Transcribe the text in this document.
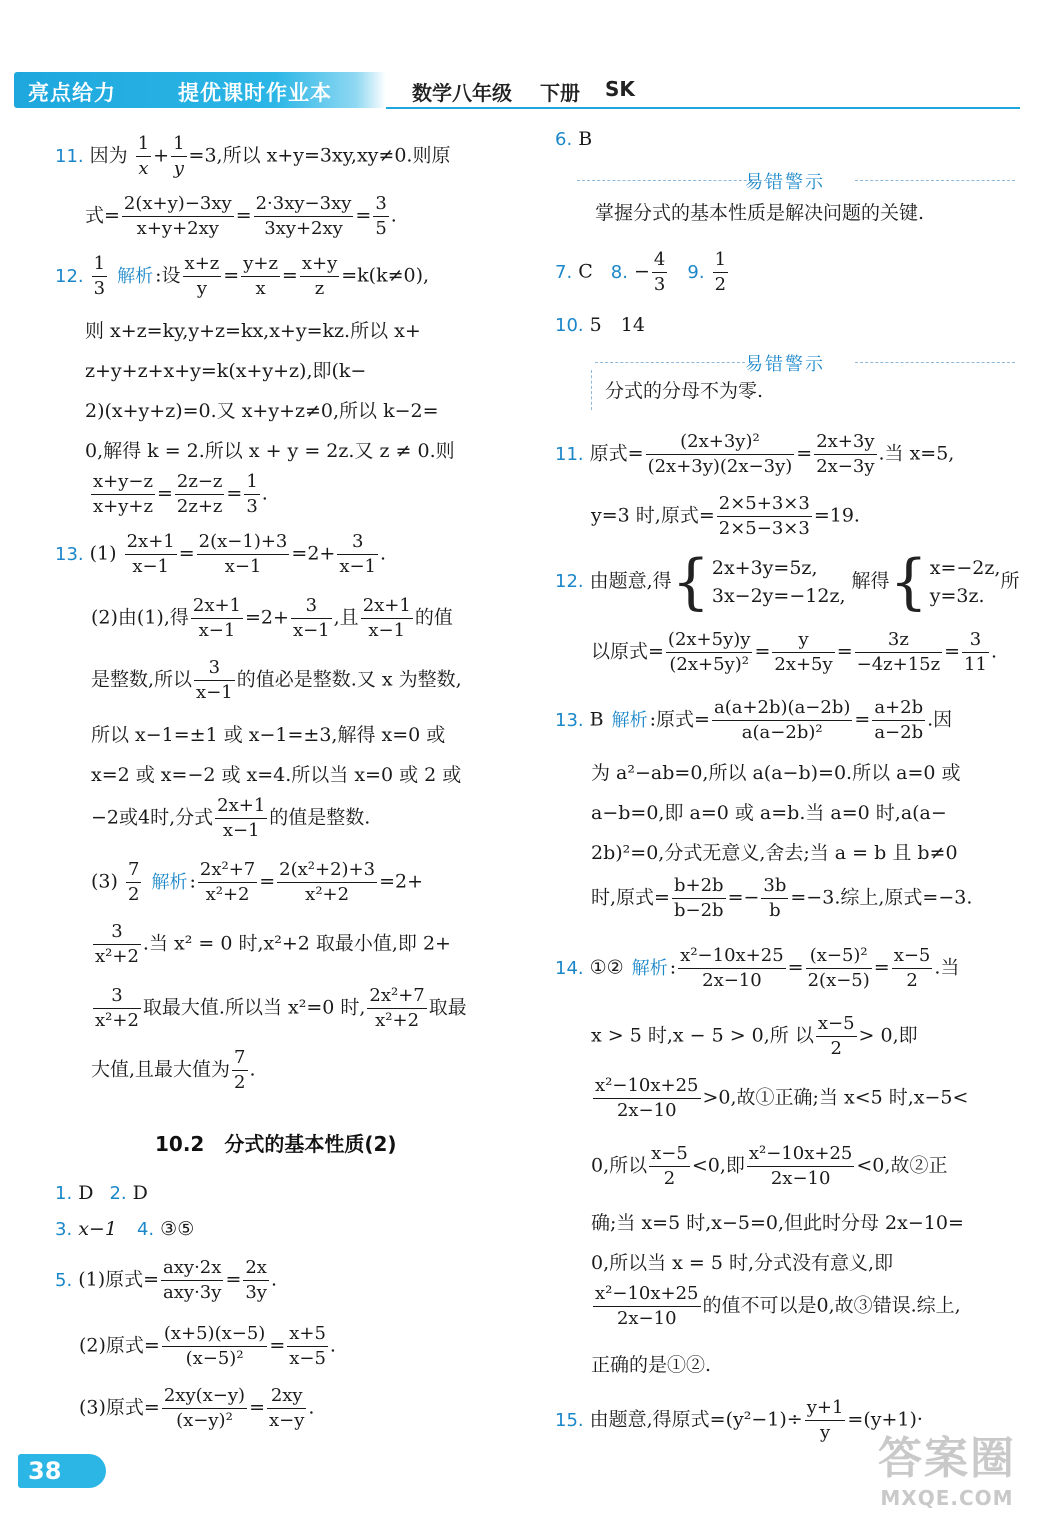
亮点给力	提优课时作业本	数学八年级 下册 SK
11. 因为 $\frac{1}{x} + \frac{1}{y} =3$,所以 x+y=3xy,xy≠0.则原
式= $\frac{2(x+y)-3xy}{x+y+2xy} = \frac{2\cdot 3xy-3xy}{3xy+2xy} = \frac{3}{5}$ .
12. $\frac{1}{3}$ 解析 :设 $\frac{x+z}{y} = \frac{y+z}{x} = \frac{x+y}{z} =k(k\ne 0)$,
则 x+z=ky,y+z=kx,x+y=kz.所以 x+
z+y+z+x+y=k(x+y+z),即(k−
2)(x+y+z)=0.又 x+y+z≠0,所以 k−2=
0,解得 k = 2.所以 x + y = 2z.又 z ≠ 0.则
$\frac{x+y-z}{x+y+z} = \frac{2z-z}{2z+z} = \frac{1}{3}$ .
13. $(1) \frac{2x+1}{x-1} = \frac{2(x-1)+3}{x-1} =2+ \frac{3}{x-1}$ .
(2)由(1),得 $\frac{2x+1}{x-1} =2+ \frac{3}{x-1}$ ,且 $\frac{2x+1}{x-1}$ 的值
是整数,所以 $\frac{3}{x-1}$ 的值必是整数.又 x 为整数,
所以 x−1=±1 或 x−1=±3,解得 x=0 或
x=2 或 x=−2 或 x=4.所以当 x=0 或 2 或
−2或4时,分式 $\frac{2x+1}{x-1}$ 的值是整数.
$(3) \frac{7}{2}$ 解析 : $\frac{\text{2x²+7}}{\text{x²+2}} = \frac{\text{2(x²+2)+3}}{\text{x²+2}} =2+$
$\frac{3}{\text{x²+2}}$ .当 x² = 0 时,x²+2 取最小值,即 2+
$\frac{3}{\text{x²+2}}$ 取最大值.所以当 x²=0 时, $\frac{\text{2x²+7}}{\text{x²+2}}$ 取最
大值,且最大值为 $\frac{7}{2}$ .
10.2　分式的基本性质(2)
1. D 2. D
3. x−1 4. ③⑤
5. (1)原式= $\frac{\text{axy·2x}}{\text{axy·3y}} = \frac{2x}{3y}$ .
(2)原式= $\frac{(x+5)(x-5)}{\text{(x−5)²}} = \frac{x+5}{x-5}$ .
(3)原式= $\frac{2xy(x-y)}{\text{(x−y)²}} = \frac{2xy}{x-y}$ .
6. B
易错警示
掌握分式的基本性质是解决问题的关键.
7. C 8. − $\frac{4}{3} 9$. $\frac{1}{2}$
10. 5　14
易错警示
分式的分母不为零.
11. 原式= $\frac{\text{(2x+3y)²}}{(2x+3y)(2x-3y)} = \frac{2x+3y}{2x-3y}$ .当 x=5,
y=3 时,原式= $\frac{2\times 5+3\times 3}{2\times 5-3\times 3} =19$.
12. 由题意,得{ 2x+3y=5z,
3x−2y=−12z,
解得{ x=−2z,
y=3z.
所
以原式= $\frac{(2x+5y)y}{\text{(2x+5y)²}} = \frac{y}{2x+5y} = \frac{3z}{-4z+15z} = \frac{3}{11}$ .
13. B 解析 :原式= $\frac{a(a+2b)(a-2b)}{\text{a(a−2b)²}} = \frac{a+2b}{a-2b}$ .因
为 a²−ab=0,所以 a(a−b)=0.所以 a=0 或
a−b=0,即 a=0 或 a=b.当 a=0 时,a(a−
2b)²=0,分式无意义,舍去;当 a = b 且 b≠0
时,原式= $\frac{b+2b}{b-2b} =- \frac{3b}{b} =-3$.综上,原式=−3.
14. ①② 解析 : $\frac{\text{x²−10x+25}}{2x-10} = \frac{\text{(x−5)²}}{2(x-5)} = \frac{x-5}{2}$ .当
x > 5 时,x − 5 > 0,所 以 $\frac{x-5}{2} > 0$,即
$\frac{\text{x²−10x+25}}{2x-10} >0$,故①正确;当 x<5 时,x−5<
0,所以 $\frac{x-5}{2} <0$,即 $\frac{\text{x²−10x+25}}{2x-10} <0$,故②正
确;当 x=5 时,x−5=0,但此时分母 2x−10=
0,所以当 x = 5 时,分式没有意义,即
$\frac{\text{x²−10x+25}}{2x-10}$ 的值不可以是0,故③错误.综上,
正确的是①②.
15. 由题意,得原式$=(y^2-1)\div \frac{y+1}{y} =(y+1)\cdot$
38	答案圈
MXQE.COM
